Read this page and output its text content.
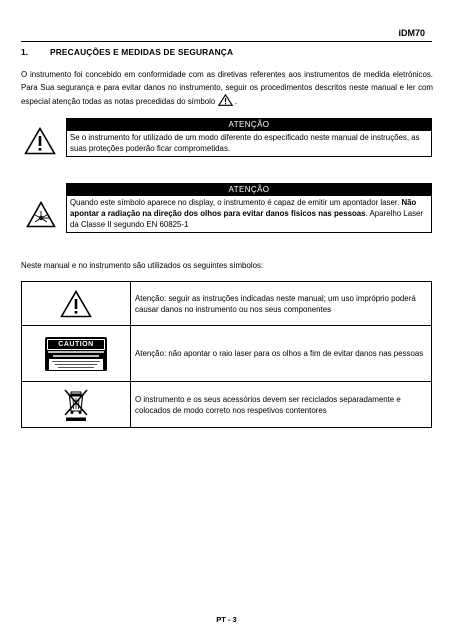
iDM70
1.	PRECAUÇÕES E MEDIDAS DE SEGURANÇA
O instrumento foi concebido em conformidade com as diretivas referentes aos instrumentos de medida eletrónicos. Para Sua segurança e para evitar danos no instrumento, seguir os procedimentos descritos neste manual e ler com especial atenção todas as notas precedidas do símbolo .
ATENÇÃO
Se o instrumento for utilizado de um modo diferente do especificado neste manual de instruções, as suas proteções poderão ficar comprometidas.
ATENÇÃO
Quando este símbolo aparece no display, o instrumento é capaz de emitir um apontador laser. Não apontar a radiação na direção dos olhos para evitar danos físicos nas pessoas. Aparelho Laser da Classe II segundo EN 60825-1
Neste manual e no instrumento são utilizados os seguintes símbolos:
	Atenção: seguir as instruções indicadas neste manual; um uso impróprio poderá causar danos no instrumento ou nos seus componentes

CAUTION	Atenção: não apontar o raio laser para os olhos a fim de evitar danos nas pessoas
	O instrumento e os seus acessórios devem ser reciclados separadamente e colocados de modo correto nos respetivos contentores
PT - 3
